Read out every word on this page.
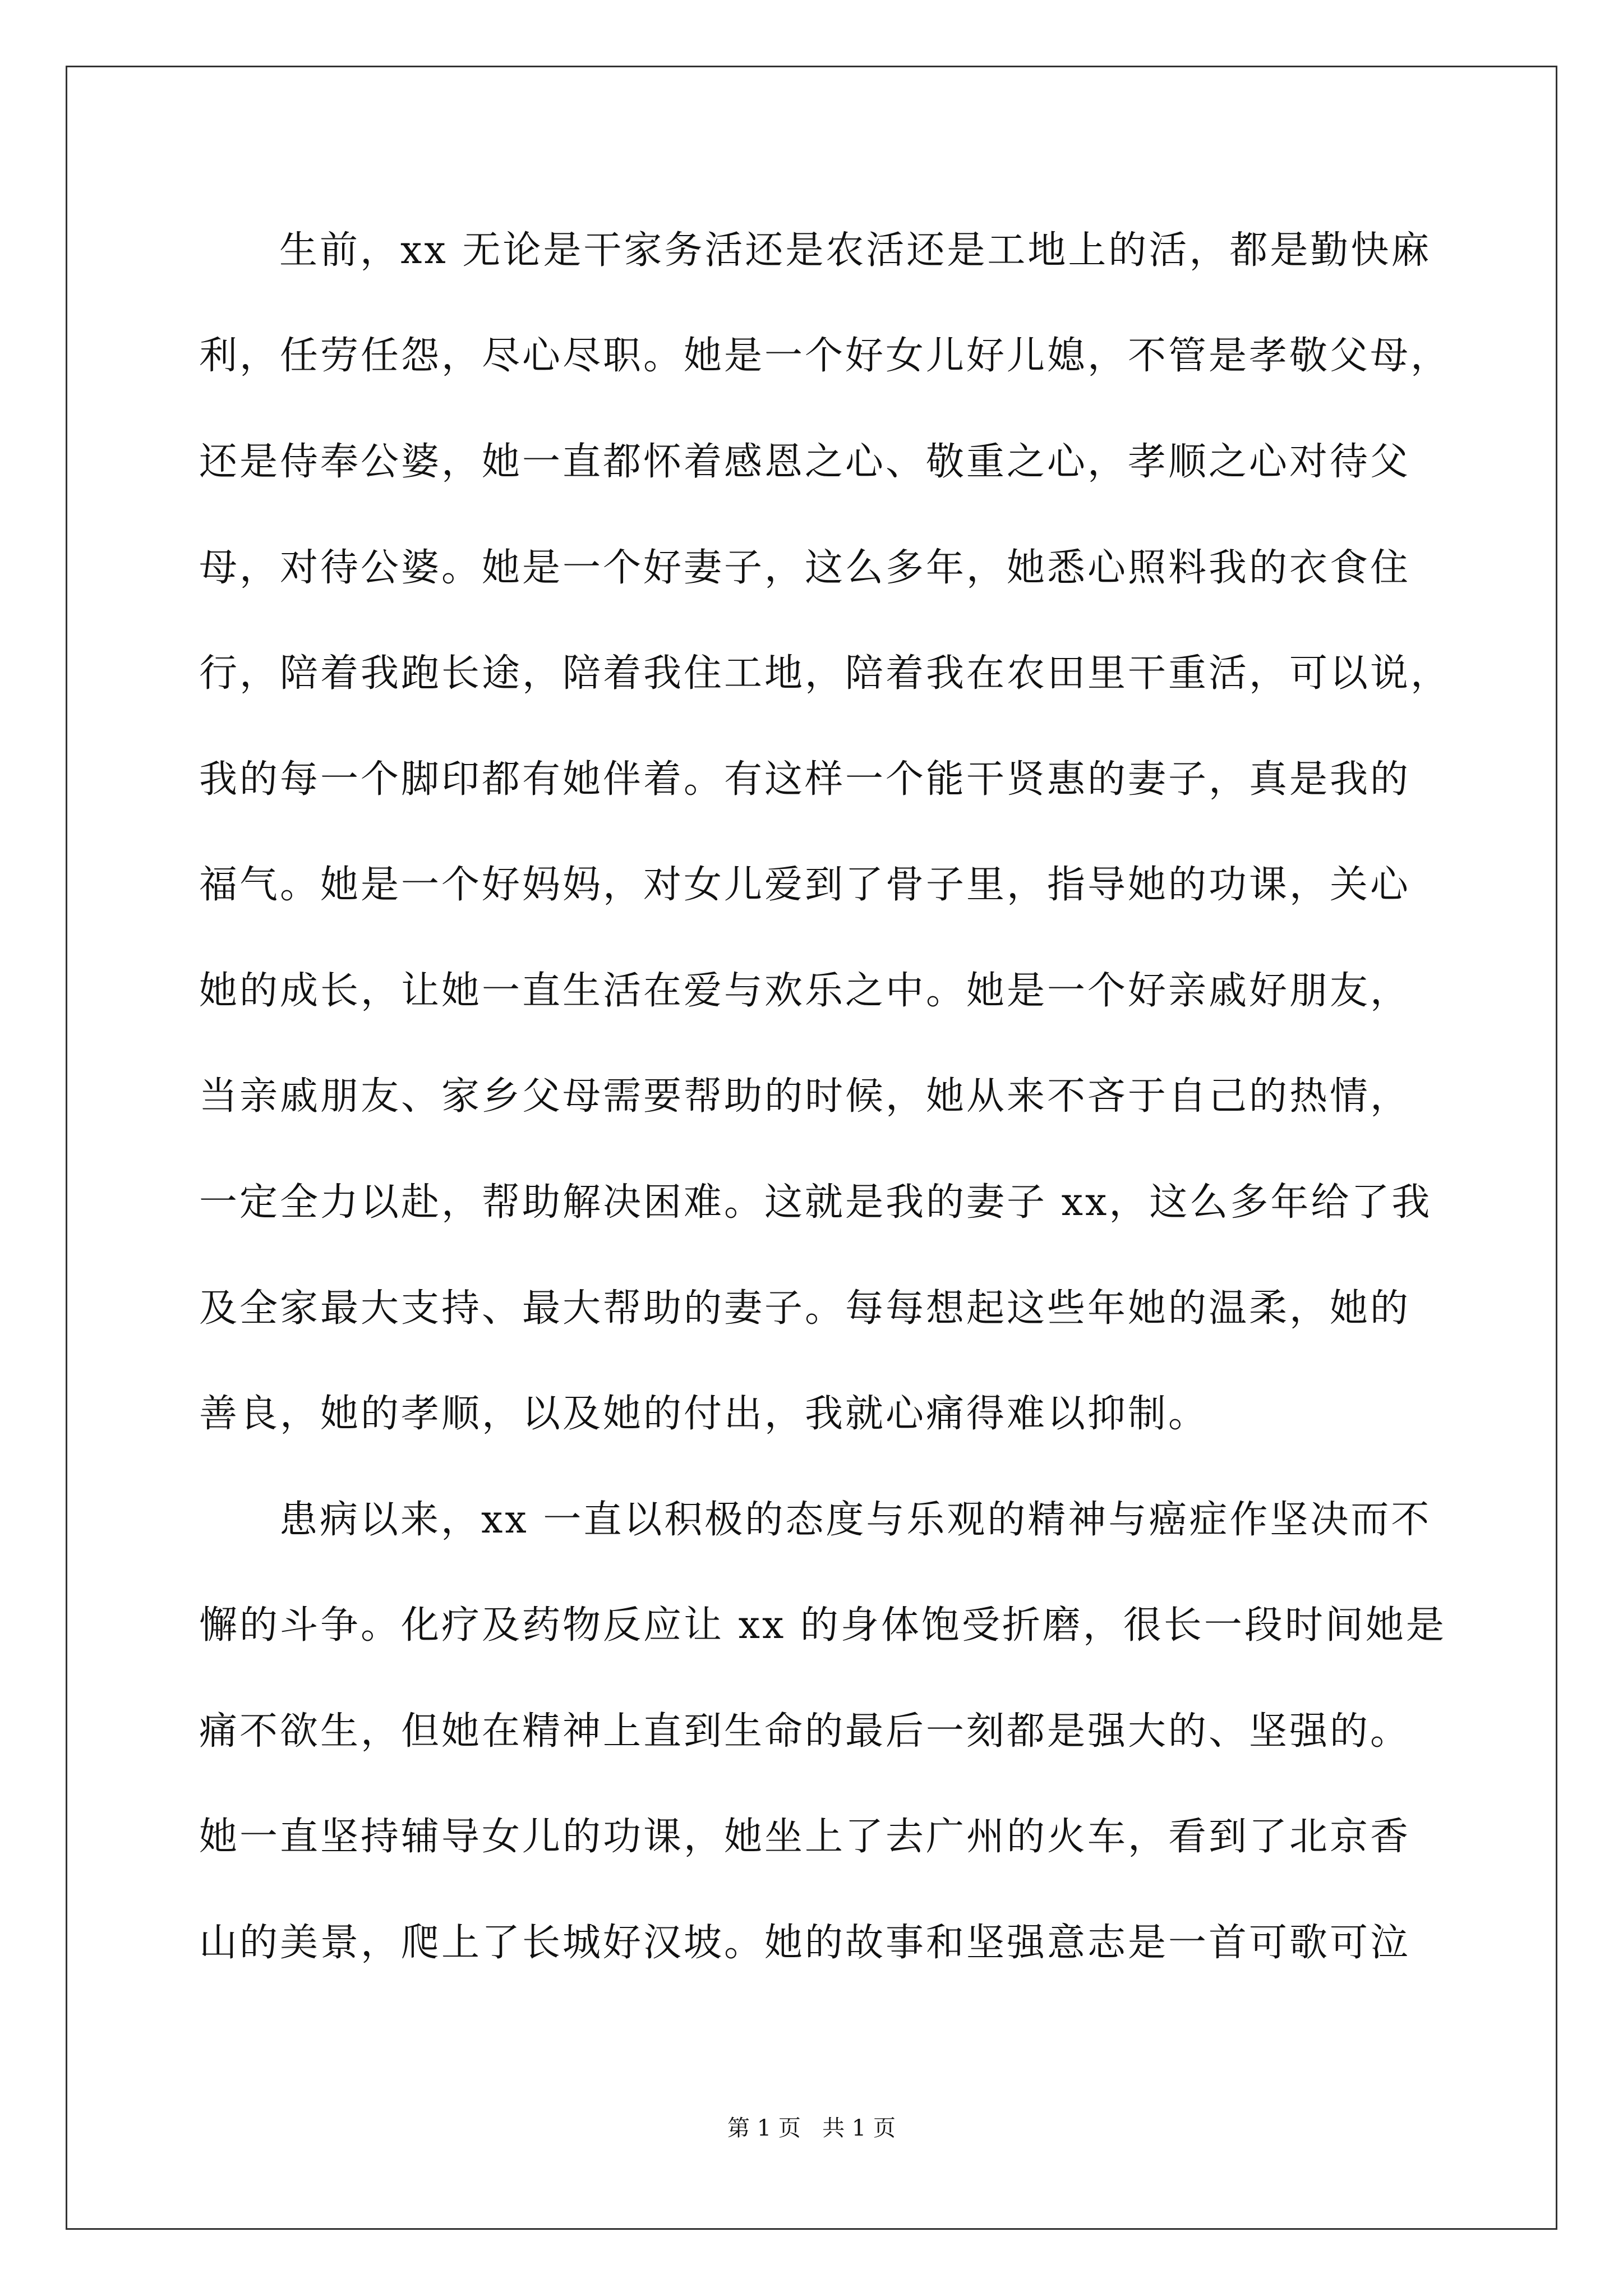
生前，xx 无论是干家务活还是农活还是工地上的活，都是勤快麻
利，任劳任怨，尽心尽职。她是一个好女儿好儿媳，不管是孝敬父母，
还是侍奉公婆，她一直都怀着感恩之心、敬重之心，孝顺之心对待父
母，对待公婆。她是一个好妻子，这么多年，她悉心照料我的衣食住
行，陪着我跑长途，陪着我住工地，陪着我在农田里干重活，可以说，
我的每一个脚印都有她伴着。有这样一个能干贤惠的妻子，真是我的
福气。她是一个好妈妈，对女儿爱到了骨子里，指导她的功课，关心
她的成长，让她一直生活在爱与欢乐之中。她是一个好亲戚好朋友，
当亲戚朋友、家乡父母需要帮助的时候，她从来不吝于自己的热情，
一定全力以赴，帮助解决困难。这就是我的妻子 xx，这么多年给了我
及全家最大支持、最大帮助的妻子。每每想起这些年她的温柔，她的
善良，她的孝顺，以及她的付出，我就心痛得难以抑制。
患病以来，xx 一直以积极的态度与乐观的精神与癌症作坚决而不
懈的斗争。化疗及药物反应让 xx 的身体饱受折磨，很长一段时间她是
痛不欲生，但她在精神上直到生命的最后一刻都是强大的、坚强的。
她一直坚持辅导女儿的功课，她坐上了去广州的火车，看到了北京香
山的美景，爬上了长城好汉坡。她的故事和坚强意志是一首可歌可泣
第 1 页   共 1 页
